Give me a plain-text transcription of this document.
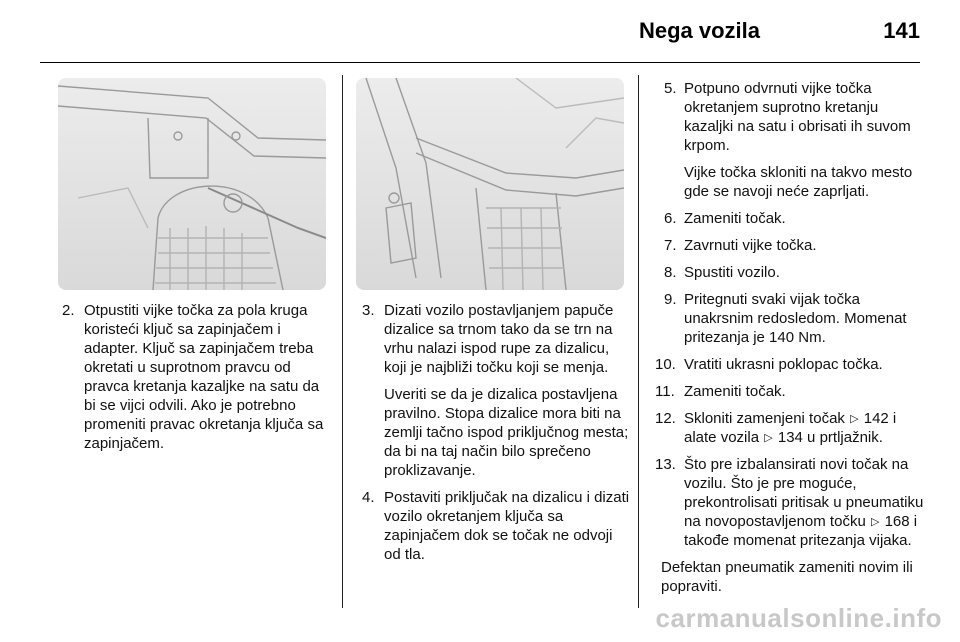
Nega vozila	141
2. Otpustiti vijke točka za pola kruga koristeći ključ sa zapinjačem i adapter. Ključ sa zapinjačem treba okretati u suprotnom pravcu od pravca kretanja kazaljke na satu da bi se vijci odvili. Ako je potrebno promeniti pravac okretanja ključa sa zapinjačem.
3. Dizati vozilo postavljanjem papuče dizalice sa trnom tako da se trn na vrhu nalazi ispod rupe za dizalicu, koji je najbliži točku koji se menja.
Uveriti se da je dizalica postavljena pravilno. Stopa dizalice mora biti na zemlji tačno ispod priključnog mesta; da bi na taj način bilo sprečeno proklizavanje.
4. Postaviti priključak na dizalicu i dizati vozilo okretanjem ključa sa zapinjačem dok se točak ne odvoji od tla.
5. Potpuno odvrnuti vijke točka okretanjem suprotno kretanju kazaljki na satu i obrisati ih suvom krpom.
Vijke točka skloniti na takvo mesto gde se navoji neće zaprljati.
6. Zameniti točak.
7. Zavrnuti vijke točka.
8. Spustiti vozilo.
9. Pritegnuti svaki vijak točka unakrsnim redosledom. Momenat pritezanja je 140 Nm.
10. Vratiti ukrasni poklopac točka.
11. Zameniti točak.
12. Skloniti zamenjeni točak ▷ 142 i alate vozila ▷ 134 u prtljažnik.
13. Što pre izbalansirati novi točak na vozilu. Što je pre moguće, prekontrolisati pritisak u pneumatiku na novopostavljenom točku ▷ 168 i takođe momenat pritezanja vijaka.
Defektan pneumatik zameniti novim ili popraviti.
carmanualsonline.info
